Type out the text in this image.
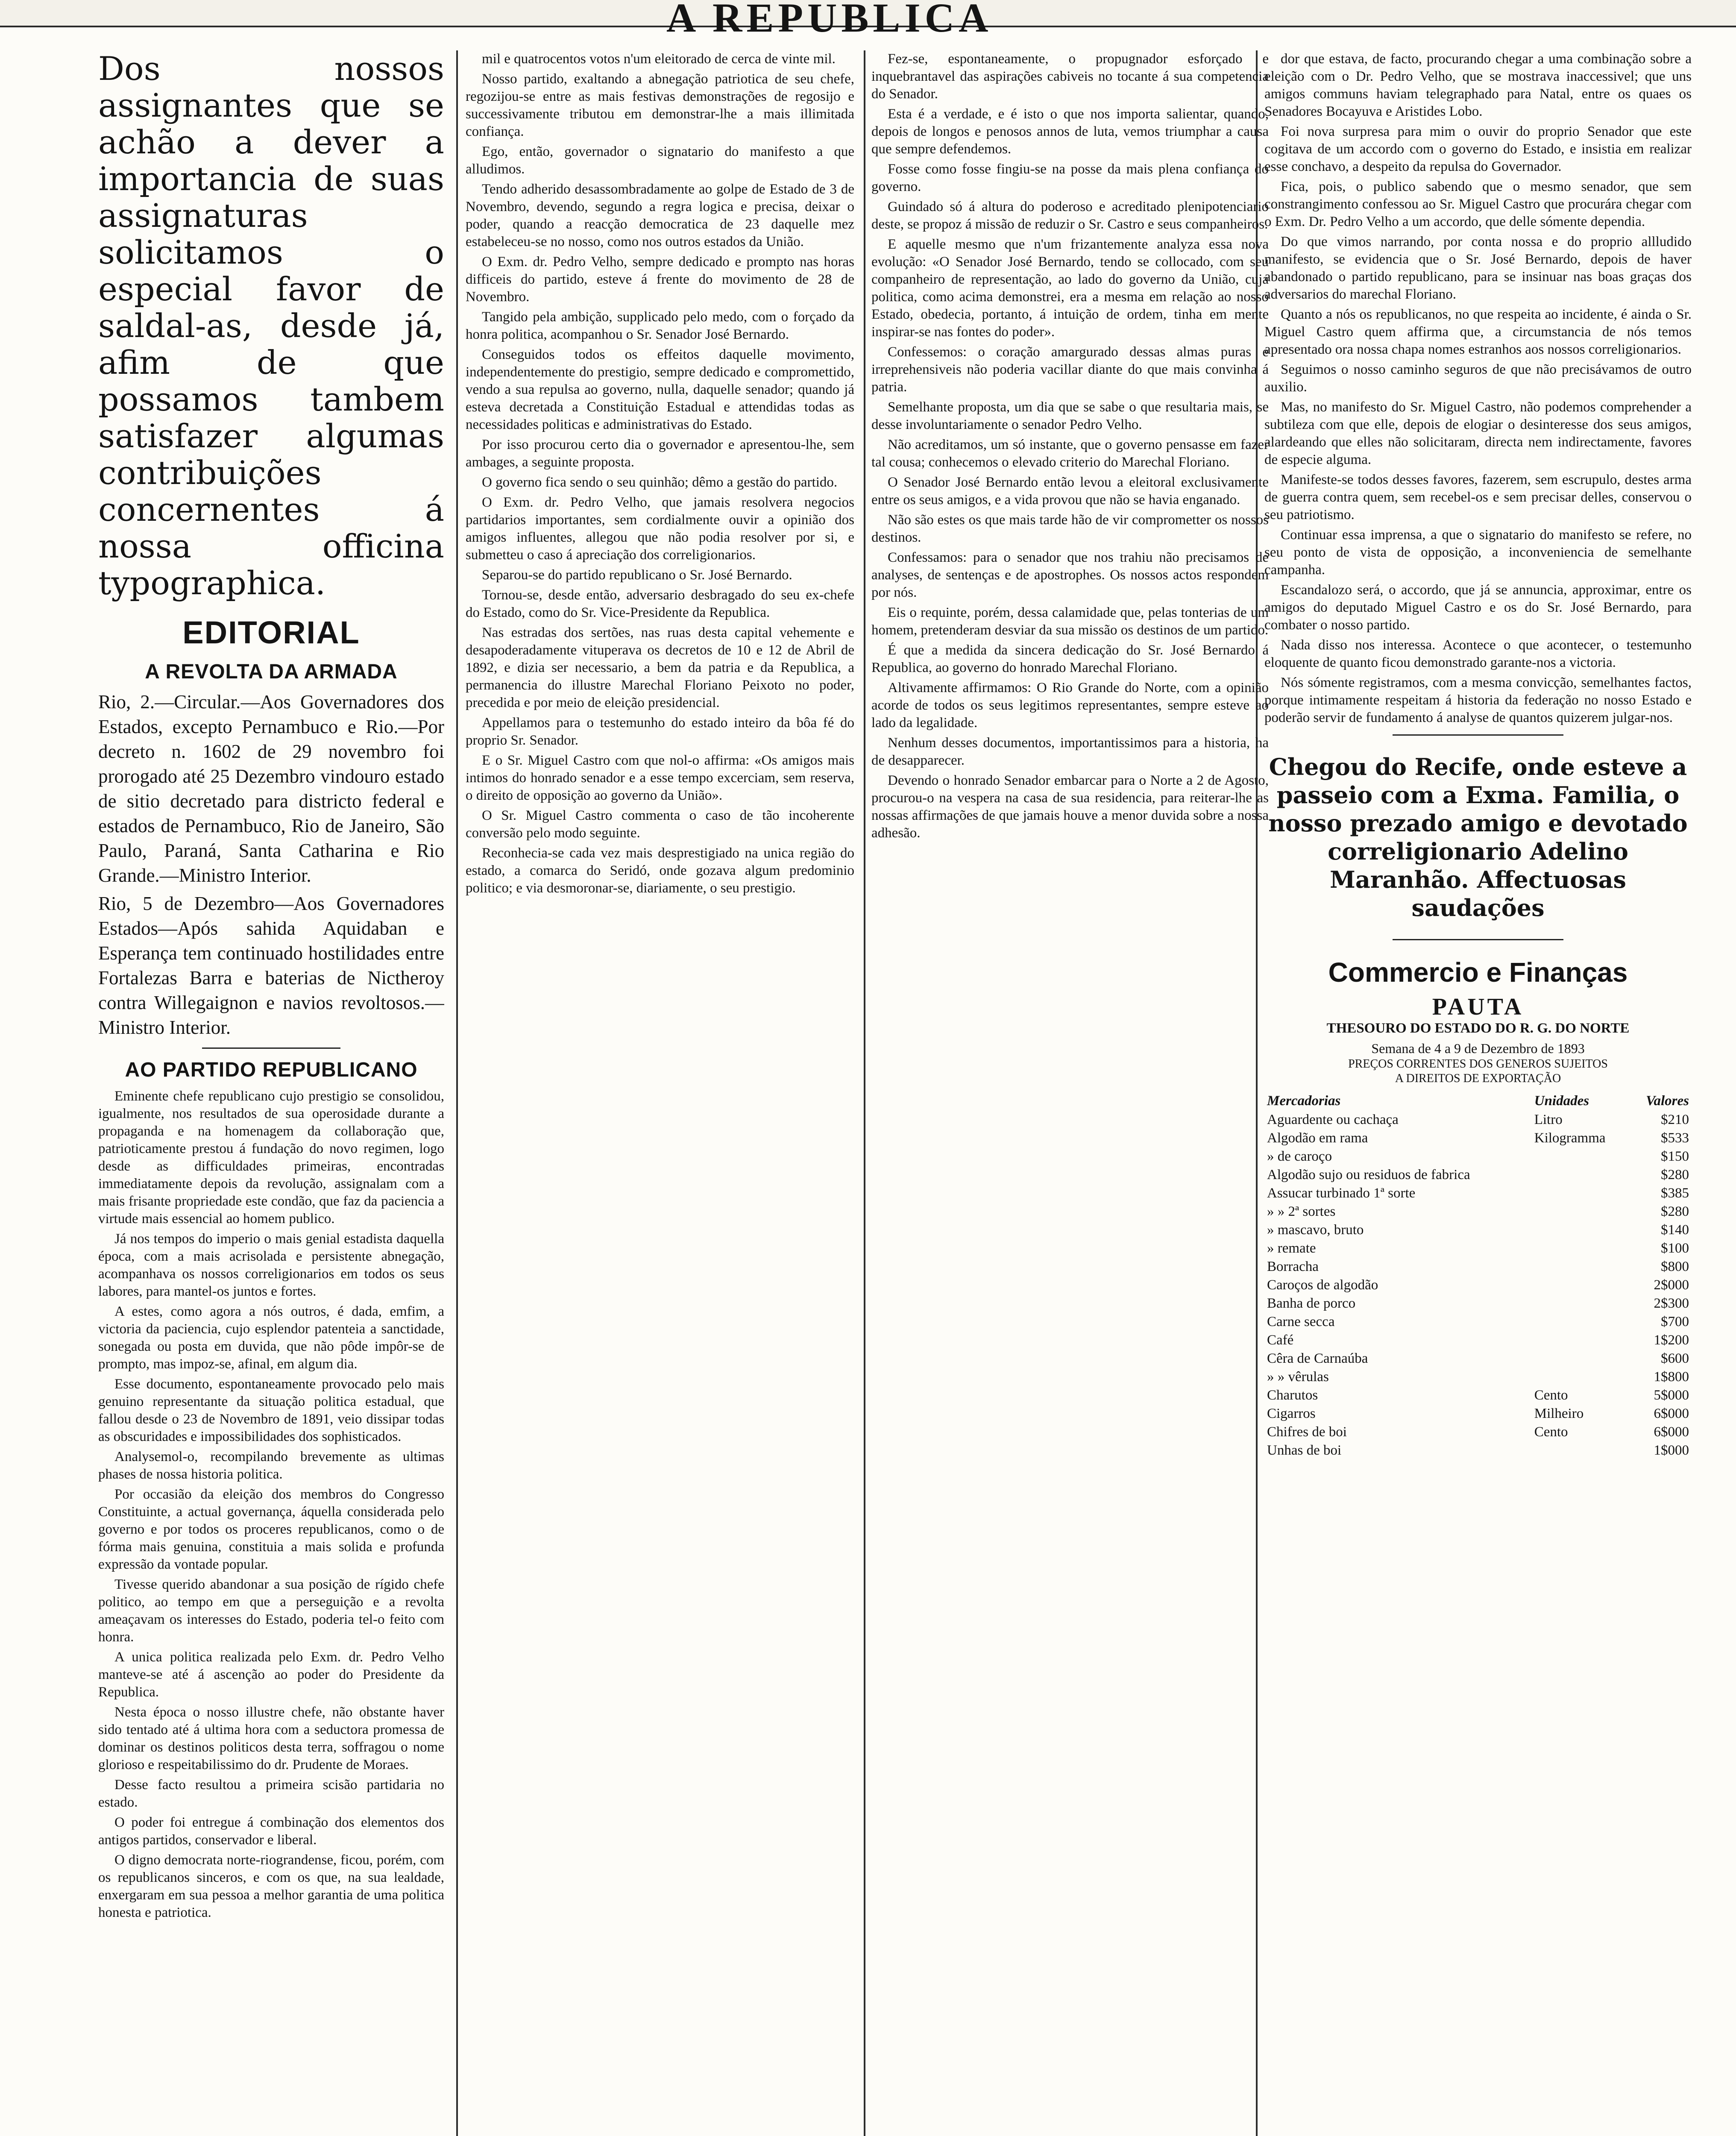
A REPUBLICA

Dos nossos assignantes que se achão a dever a importancia de suas assignaturas solicitamos o especial favor de saldal-as, desde já, afim de que possamos tambem satisfazer algumas contribuições concernentes á nossa officina typographica.

EDITORIAL
A REVOLTA DA ARMADA

Rio, 2.—Circular.—Aos Governadores dos Estados, excepto Pernambuco e Rio.—Por decreto n. 1602 de 29 novembro foi prorogado até 25 Dezembro vindouro estado de sitio decretado para districto federal e estados de Pernambuco, Rio de Janeiro, São Paulo, Paraná, Santa Catharina e Rio Grande.—Ministro Interior.

Rio, 5 de Dezembro—Aos Governadores Estados—Após sahida Aquidaban e Esperança tem continuado hostilidades entre Fortalezas Barra e baterias de Nictheroy contra Willegaignon e navios revoltosos.—Ministro Interior.

AO PARTIDO REPUBLICANO

Eminente chefe republicano cujo prestigio se consolidou, igualmente, nos resultados de sua operosidade durante a propaganda e na homenagem da collaboração que, patrioticamente prestou á fundação do novo regimen, logo desde as difficuldades primeiras, encontradas immediatamente depois da revolução, assignalam com a mais frisante propriedade este condão, que faz da paciencia a virtude mais essencial ao homem publico.

Já nos tempos do imperio o mais genial estadista daquella época, com a mais acrisolada e persistente abnegação, acompanhava os nossos correligionarios em todos os seus labores, para mantel-os juntos e fortes.

A estes, como agora a nós outros, é dada, emfim, a victoria da paciencia, cujo esplendor patenteia a sanctidade, sonegada ou posta em duvida, que não pôde impôr-se de prompto, mas impoz-se, afinal, em algum dia.

Esse documento, espontaneamente provocado pelo mais genuino representante da situação politica estadual, que fallou desde o 23 de Novembro de 1891, veio dissipar todas as obscuridades e impossibilidades dos sophisticados.

Analysemol-o, recompilando brevemente as ultimas phases de nossa historia politica.

Por occasião da eleição dos membros do Congresso Constituinte, a actual governança, áquella considerada pelo governo e por todos os proceres republicanos, como o de fórma mais genuina, constituia a mais solida e profunda expressão da vontade popular.

Tivesse querido abandonar a sua posição de rígido chefe politico, ao tempo em que a perseguição e a revolta ameaçavam os interesses do Estado, poderia tel-o feito com honra.

A unica politica realizada pelo Exm. dr. Pedro Velho manteve-se até á ascenção ao poder do Presidente da Republica.

Nesta época o nosso illustre chefe, não obstante haver sido tentado até á ultima hora com a seductora promessa de dominar os destinos politicos desta terra, soffragou o nome glorioso e respeitabilissimo do dr. Prudente de Moraes.

Desse facto resultou a primeira scisão partidaria no estado.

O poder foi entregue á combinação dos elementos dos antigos partidos, conservador e liberal.

O digno democrata norte-riograndense, ficou, porém, com os republicanos sinceros, e com os que, na sua lealdade, enxergaram em sua pessoa a melhor garantia de uma politica honesta e patriotica.

mil e quatrocentos votos n'um eleitorado de cerca de vinte mil.

Nosso partido, exaltando a abnegação patriotica de seu chefe, regozijou-se entre as mais festivas demonstrações de regosijo e successivamente tributou em demonstrar-lhe a mais illimitada confiança.

Ego, então, governador o signatario do manifesto a que alludimos.

Tendo adherido desassombradamente ao golpe de Estado de 3 de Novembro, devendo, segundo a regra logica e precisa, deixar o poder, quando a reacção democratica de 23 daquelle mez estabeleceu-se no nosso, como nos outros estados da União.

O Exm. dr. Pedro Velho, sempre dedicado e prompto nas horas difficeis do partido, esteve á frente do movimento de 28 de Novembro.

Tangido pela ambição, supplicado pelo medo, com o forçado da honra politica, acompanhou o Sr. Senador José Bernardo.

Conseguidos todos os effeitos daquelle movimento, independentemente do prestigio, sempre dedicado e compromettido, vendo a sua repulsa ao governo, nulla, daquelle senador; quando já esteva decretada a Constituição Estadual e attendidas todas as necessidades politicas e administrativas do Estado.

Por isso procurou certo dia o governador e apresentou-lhe, sem ambages, a seguinte proposta.

O governo fica sendo o seu quinhão; dêmo a gestão do partido.

O Exm. dr. Pedro Velho, que jamais resolvera negocios partidarios importantes, sem cordialmente ouvir a opinião dos amigos influentes, allegou que não podia resolver por si, e submetteu o caso á apreciação dos correligionarios.

Separou-se do partido republicano o Sr. José Bernardo.

Tornou-se, desde então, adversario desbragado do seu ex-chefe do Estado, como do Sr. Vice-Presidente da Republica.

Nas estradas dos sertões, nas ruas desta capital vehemente e desapoderadamente vituperava os decretos de 10 e 12 de Abril de 1892, e dizia ser necessario, a bem da patria e da Republica, a permanencia do illustre Marechal Floriano Peixoto no poder, precedida e por meio de eleição presidencial.

Appellamos para o testemunho do estado inteiro da bôa fé do proprio Sr. Senador.

E o Sr. Miguel Castro com que nol-o affirma: «Os amigos mais intimos do honrado senador e a esse tempo excerciam, sem reserva, o direito de opposição ao governo da União».

O Sr. Miguel Castro commenta o caso de tão incoherente conversão pelo modo seguinte.

Reconhecia-se cada vez mais desprestigiado na unica região do estado, a comarca do Seridó, onde gozava algum predominio politico; e via desmoronar-se, diariamente, o seu prestigio.

Fez-se, espontaneamente, o propugnador esforçado e inquebrantavel das aspirações cabiveis no tocante á sua competencia do Senador.

Esta é a verdade, e é isto o que nos importa salientar, quando, depois de longos e penosos annos de luta, vemos triumphar a causa que sempre defendemos.

Fosse como fosse fingiu-se na posse da mais plena confiança do governo.

Guindado só á altura do poderoso e acreditado plenipotenciario deste, se propoz á missão de reduzir o Sr. Castro e seus companheiros.

E aquelle mesmo que n'um frizantemente analyza essa nova evolução: «O Senador José Bernardo, tendo se collocado, com seu companheiro de representação, ao lado do governo da União, cuja politica, como acima demonstrei, era a mesma em relação ao nosso Estado, obedecia, portanto, á intuição de ordem, tinha em mente inspirar-se nas fontes do poder».

Confessemos: o coração amargurado dessas almas puras e irreprehensiveis não poderia vacillar diante do que mais convinha á patria.

Semelhante proposta, um dia que se sabe o que resultaria mais, se desse involuntariamente o senador Pedro Velho.

Não acreditamos, um só instante, que o governo pensasse em fazer tal cousa; conhecemos o elevado criterio do Marechal Floriano.

O Senador José Bernardo então levou a eleitoral exclusivamente entre os seus amigos, e a vida provou que não se havia enganado.

Não são estes os que mais tarde hão de vir comprometter os nossos destinos.

Confessamos: para o senador que nos trahiu não precisamos de analyses, de sentenças e de apostrophes. Os nossos actos respondem por nós.

Eis o requinte, porém, dessa calamidade que, pelas tonterias de um homem, pretenderam desviar da sua missão os destinos de um partido.

É que a medida da sincera dedicação do Sr. José Bernardo á Republica, ao governo do honrado Marechal Floriano.

Altivamente affirmamos: O Rio Grande do Norte, com a opinião acorde de todos os seus legitimos representantes, sempre esteve ao lado da legalidade.

Nenhum desses documentos, importantissimos para a historia, ha de desapparecer.

Devendo o honrado Senador embarcar para o Norte a 2 de Agosto, procurou-o na vespera na casa de sua residencia, para reiterar-lhe as nossas affirmações de que jamais houve a menor duvida sobre a nossa adhesão.

dor que estava, de facto, procurando chegar a uma combinação sobre a eleição com o Dr. Pedro Velho, que se mostrava inaccessivel; que uns amigos communs haviam telegraphado para Natal, entre os quaes os Senadores Bocayuva e Aristides Lobo.

Foi nova surpresa para mim o ouvir do proprio Senador que este cogitava de um accordo com o governo do Estado, e insistia em realizar esse conchavo, a despeito da repulsa do Governador.

Fica, pois, o publico sabendo que o mesmo senador, que sem constrangimento confessou ao Sr. Miguel Castro que procurára chegar com o Exm. Dr. Pedro Velho a um accordo, que delle sómente dependia.

Do que vimos narrando, por conta nossa e do proprio allludido manifesto, se evidencia que o Sr. José Bernardo, depois de haver abandonado o partido republicano, para se insinuar nas boas graças dos adversarios do marechal Floriano.

Quanto a nós os republicanos, no que respeita ao incidente, é ainda o Sr. Miguel Castro quem affirma que, a circumstancia de nós temos apresentado ora nossa chapa nomes estranhos aos nossos correligionarios.

Seguimos o nosso caminho seguros de que não precisávamos de outro auxilio.

Mas, no manifesto do Sr. Miguel Castro, não podemos comprehender a subtileza com que elle, depois de elogiar o desinteresse dos seus amigos, alardeando que elles não solicitaram, directa nem indirectamente, favores de especie alguma.

Manifeste-se todos desses favores, fazerem, sem escrupulo, destes arma de guerra contra quem, sem recebel-os e sem precisar delles, conservou o seu patriotismo.

Continuar essa imprensa, a que o signatario do manifesto se refere, no seu ponto de vista de opposição, a inconveniencia de semelhante campanha.

Escandalozo será, o accordo, que já se annuncia, approximar, entre os amigos do deputado Miguel Castro e os do Sr. José Bernardo, para combater o nosso partido.

Nada disso nos interessa. Acontece o que acontecer, o testemunho eloquente de quanto ficou demonstrado garante-nos a victoria.

Nós sómente registramos, com a mesma convicção, semelhantes factos, porque intimamente respeitam á historia da federação no nosso Estado e poderão servir de fundamento á analyse de quantos quizerem julgar-nos.

Chegou do Recife, onde esteve a passeio com a Exma. Familia, o nosso prezado amigo e devotado correligionario Adelino Maranhão. Affectuosas saudações

Commercio e Finanças
PAUTA
THESOURO DO ESTADO DO R. G. DO NORTE
Semana de 4 a 9 de Dezembro de 1893
PREÇOS CORRENTES DOS GENEROS SUJEITOS
A DIREITOS DE EXPORTAÇÃO
Mercadorias	Unidades	Valores
Aguardente ou cachaça	Litro	$210
Algodão em rama	Kilogramma	$533
» de caroço		$150
Algodão sujo ou residuos de fabrica		$280
Assucar turbinado 1ª sorte		$385
» » 2ª sortes		$280
» mascavo, bruto		$140
» remate		$100
Borracha		$800
Caroços de algodão		2$000
Banha de porco		2$300
Carne secca		$700
Café		1$200
Cêra de Carnaúba		$600
» » vêrulas		1$800
Charutos	Cento	5$000
Cigarros	Milheiro	6$000
Chifres de boi	Cento	6$000
Unhas de boi		1$000
